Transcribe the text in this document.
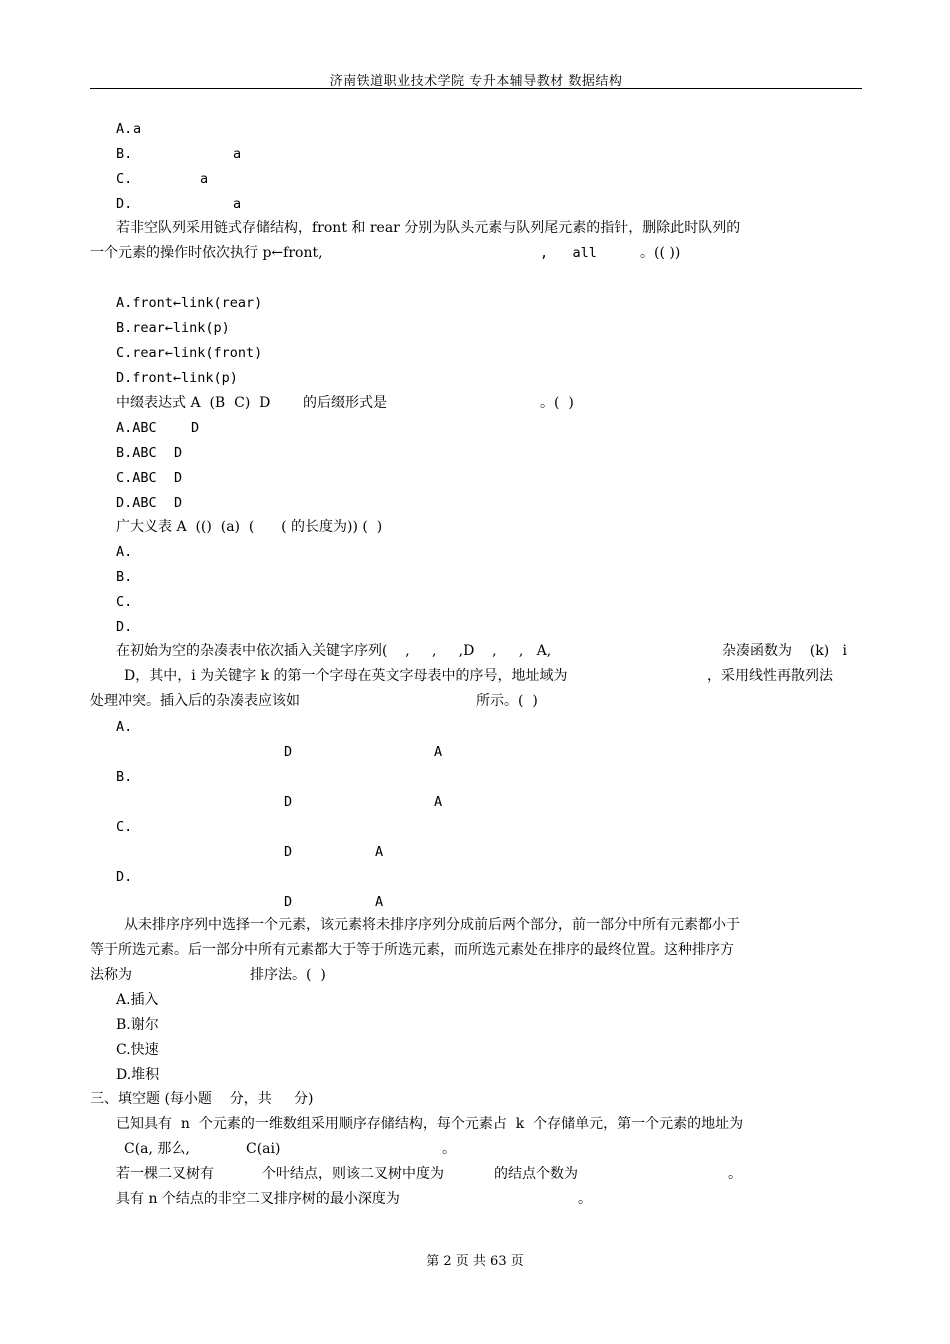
济南铁道职业技术学院 专升本辅导教材 数据结构
A. a
B.	a
C.	a
D.	a
若非空队列采用链式存储结构，front 和 rear 分别为队头元素与队列尾元素的指针，删除此时队列的
一个元素的操作时依次执行 p←front,	,   all	。(( ))
A.front←link(rear)
B.rear←link(p)
C.rear←link(front)
D.front←link(p)
中缀表达式 A  (B  C)  D 的后缀形式是	。(  )
A.ABC	D
B.ABC D
C.ABC D
D.ABC D
广大义表 A  (()  (a)  (      ( 的长度为)) (  )
A.
B.
C.
D.
在初始为空的杂凑表中依次插入关键字序列(    ,     ,     ,D    ,     ,   A,	杂凑函数为    (k)   i
D，其中，i 为关键字 k 的第一个字母在英文字母表中的序号，地址域为	，采用线性再散列法
处理冲突。插入后的杂凑表应该如	所示。(  )
A.
D	A
B.
D	A
C.
D	A
D.
D	A
从未排序序列中选择一个元素，该元素将未排序序列分成前后两个部分，前一部分中所有元素都小于
等于所选元素。后一部分中所有元素都大于等于所选元素，而所选元素处在排序的最终位置。这种排序方
法称为	排序法。(  )
A.插入
B.谢尔
C.快速
D.堆积
三、填空题 (每小题    分，共     分)
已知具有  n  个元素的一维数组采用顺序存储结构，每个元素占  k  个存储单元，第一个元素的地址为
C(a, 那么,	C(ai)	。
若一棵二叉树有	个叶结点，则该二叉树中度为	的结点个数为	。
具有 n 个结点的非空二叉排序树的最小深度为	。
第 2 页 共 63 页
